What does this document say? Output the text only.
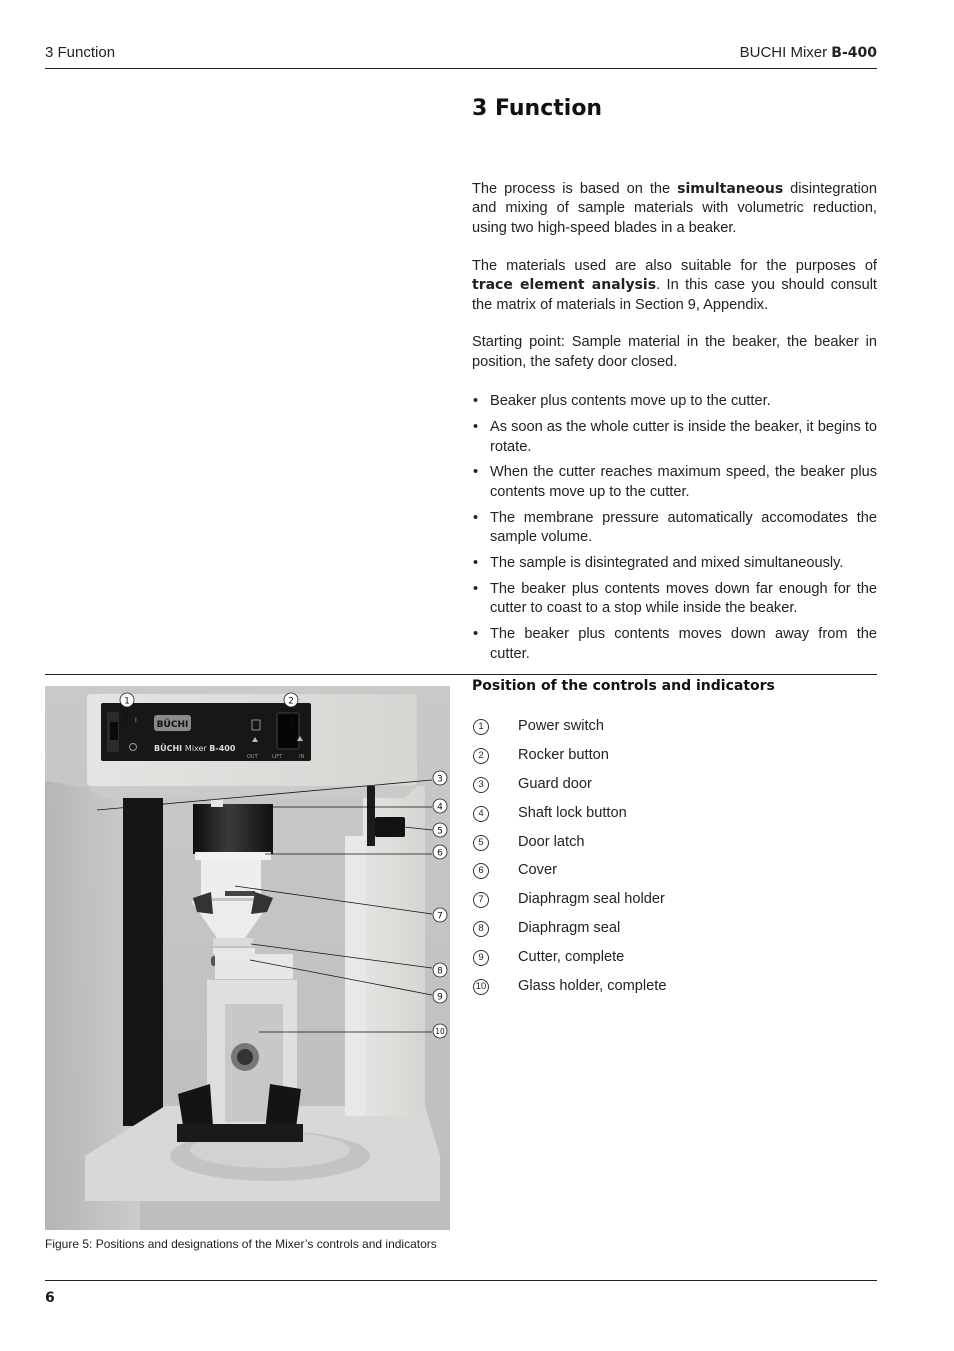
3 Function	BUCHI Mixer B-400
3 Function

The process is based on the simultaneous disintegration and mixing of sample materials with volumetric reduction, using two high-speed blades in a beaker.

The materials used are also suitable for the purposes of trace element analysis. In this case you should consult the matrix of materials in Section 9, Appendix.

Starting point: Sample material in the beaker, the beaker in position, the safety door closed.

• Beaker plus contents move up to the cutter.
• As soon as the whole cutter is inside the beaker, it begins to rotate.
• When the cutter reaches maximum speed, the beaker plus contents move up to the cutter.
• The membrane pressure automatically accomodates the sample volume.
• The sample is disintegrated and mixed simultaneously.
• The beaker plus contents moves down far enough for the cutter to coast to a stop while inside the beaker.
• The beaker plus contents moves down away from the cutter.
Position of the controls and indicators
1	Power switch
2	Rocker button
3	Guard door
4	Shaft lock button
5	Door latch
6	Cover
7	Diaphragm seal holder
8	Diaphragm seal
9	Cutter, complete
10 Glass holder, complete
BÜCHI
BÜCHI Mixer B-400
I
OUT	LIFT	IN
1	2
3
4
5
6
7
8
9
10
Figure 5: Positions and designations of the Mixer’s controls and indicators
6
